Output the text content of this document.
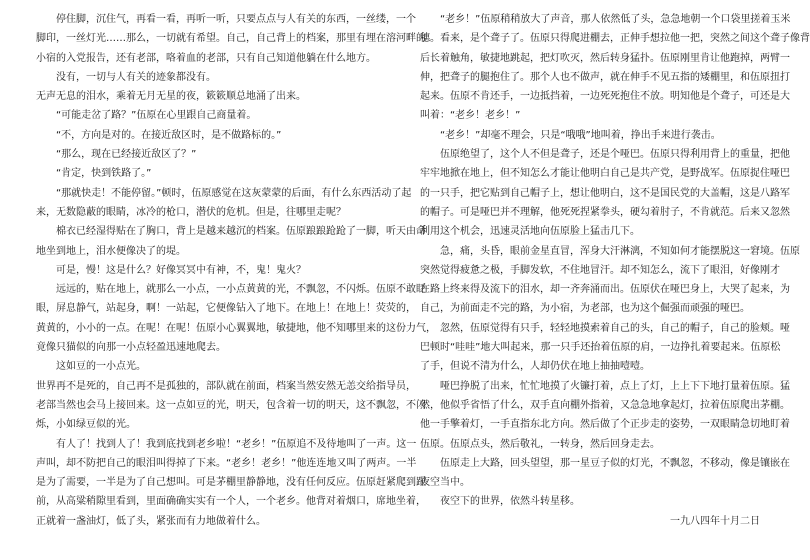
停住脚，沉住气，再看一看，再听一听，只要点点与人有关的东西，一丝缕，一个
脚印，一丝灯光……那么，一切就有希望。自己，自己背上的档案，那里有埋在溶河畔的
小宿的入党报告，还有老部，咯着血的老部，只有自己知道他躺在什么地方。
没有，一切与人有关的迹象都没有。
无声无息的泪水，乘着无月无星的夜，簌簌顺总地涌了出来。
“可能走岔了路？”伍原在心里跟自己商量着。
“不，方向是对的。在接近敌区时，是不做路标的。”
“那么，现在已经接近敌区了？”
“肯定，快到铁路了。”
“那就快走！不能停留。”顿时，伍原感觉在这灰蒙蒙的后面，有什么东西活动了起
来，无数隐蔽的眼睛，冰冷的枪口，潜伏的危机。但是，往哪里走呢？
棉衣已经湿得贴在了胸口，背上是越来越沉的档案。伍原踉踉跄跄了一脚，听天由命
地坐到地上，泪水便像决了的堤。
可是，慢！这是什么？好像冥冥中有神，不，鬼！鬼火？
远远的，贴在地上，就那么一小点，一小点黄黄的光，不飘忽，不闪烁。伍原不敢眨
眼，屏息静气，站起身，啊！一站起，它便像钻入了地下。在地上！在地上！荧荧的，
黄黄的，小小的一点。在呢！在呢！伍原小心翼翼地，敏捷地，他不知哪里来的这份力气，
竟像只猫似的向那一小点轻盈迅速地爬去。
这如豆的一小点光。
世界再不是死的，自己再不是孤独的，部队就在前面，档案当然安然无恙交给指导员，
老部当然也会马上接回来。这一点如豆的光，明天，包含着一切的明天，这不飘忽，不闪
烁，小如绿豆似的光。
有人了！找到人了！我到底找到老乡啦！“老乡！”伍原追不及待地叫了一声。这一
声叫，却不防把自己的眼泪叫得掉了下来。“老乡！老乡！”他连连地又叫了两声。一半
是为了需要，一半是为了自己想叫。可是茅棚里静静地，没有任何反应。伍原赶紧爬到跟
前，从高粱稍隙里看到，里面确确实实有一个人，一个老乡。他背对着烟口，席地坐着，
正就着一盏油灯，低了头，紧张而有力地做着什么。
“老乡！”伍原稍稍放大了声音，那人依然低了头，急急地朝一个口袋里搓着玉米
穗。看来，是个聋子了。伍原只得爬进棚去，正伸手想拉他一把，突然之间这个聋子像背
后长着触角，敏捷地跳起，把灯吹灭，然后转身猛扑。伍原刚里肯让他跑掉，两臂一
伸，把聋子的腿抱住了。那个人也不做声，就在伸手不见五指的矮棚里，和伍原扭打
起来。伍原不肯还手，一边抵挡着，一边死死抱住不放。明知他是个聋子，可还是大
叫着：“老乡！老乡！”
“老乡！”却毫不理会，只是“哦哦”地叫着，挣出手来进行袭击。
伍原绝望了，这个人不但是聋子，还是个哑巴。伍原只得利用背上的重量，把他
牢牢地掀在地上，但不知怎么才能让他明白自己是共产党，是野战军。伍原捉住哑巴
的一只手，把它贴到自己帽子上，想让他明白，这不是国民党的大盖帽，这是八路军
的帽子。可是哑巴并不理解，他死死捏紧拳头，硬勾着肘子，不肯就范。后来又忽然
利用这个机会，迅速灵活地向伍原脸上猛击几下。
急，痛，头昏，眼前金星直冒，浑身大汗淋漓，不知如何才能摆脱这一窘境。伍原
突然觉得疲惫之极，手脚发软，不住地冒汗。却不知怎么，流下了眼泪，好像刚才
在路上终来得及流下的泪水，却一齐奔涌而出。伍原伏在哑巴身上，大哭了起来，为
自己，为前面走不完的路，为小宿，为老部，也为这个倔强而顽强的哑巴。
忽然，伍原觉得有只手，轻轻地摸索着自己的头，自己的帽子，自己的脸颊。哑
巴顿时“哇哇”地大叫起来，那一只手还抬着伍原的肩，一边挣扎着要起来。伍原松
了手，但说不清为什么，人却仍伏在地上抽抽噎噎。
哑巴挣脱了出来，忙忙地摸了火镰打着，点上了灯，上上下下地打量着伍原。猛
然，他似乎省悟了什么，双手直向棚外指着，又急急地拿起灯，拉着伍原爬出茅棚。
他一手擎着灯，一手直指东北方向。然后做了个正步走的姿势，一双眼睛急切地盯着
伍原。伍原点头，然后敬礼，一转身，然后回身走去。
伍原走上大路，回头望望，那一星豆子似的灯光，不飘忽，不移动，像是镶嵌在
夜空当中。
夜空下的世界，依然斗转星移。
一九八四年十月二日
